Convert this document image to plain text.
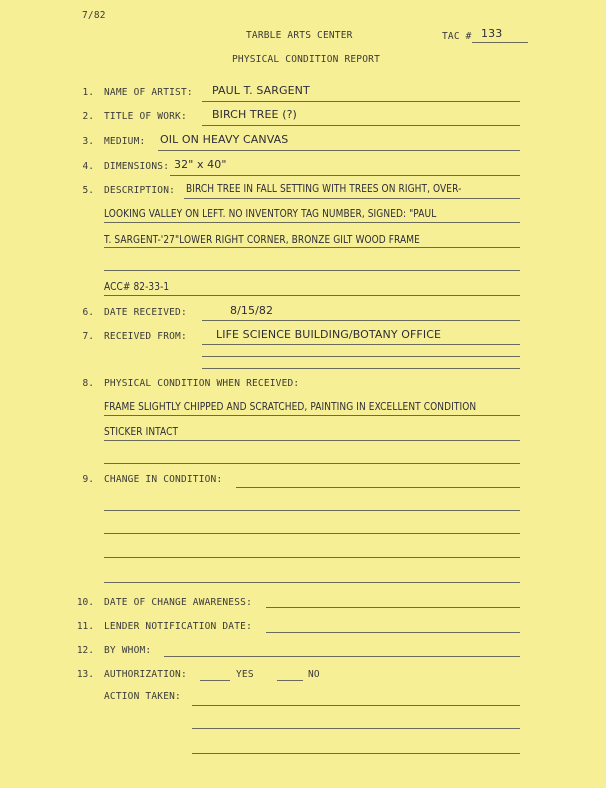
7/82
TARBLE ARTS CENTER	TAC # 133
PHYSICAL CONDITION REPORT
1. NAME OF ARTIST: PAUL T. SARGENT
2. TITLE OF WORK: BIRCH TREE (?)
3. MEDIUM: OIL ON HEAVY CANVAS
4. DIMENSIONS: 32" x 40"
5. DESCRIPTION: BIRCH TREE IN FALL SETTING WITH TREES ON RIGHT, OVER-
LOOKING VALLEY ON LEFT. NO INVENTORY TAG NUMBER, SIGNED: "PAUL
T. SARGENT-'27"LOWER RIGHT CORNER, BRONZE GILT WOOD FRAME
ACC# 82-33-1
6. DATE RECEIVED:	8/15/82
7. RECEIVED FROM:	LIFE SCIENCE BUILDING/BOTANY OFFICE
8. PHYSICAL CONDITION WHEN RECEIVED:
FRAME SLIGHTLY CHIPPED AND SCRATCHED, PAINTING IN EXCELLENT CONDITION
STICKER INTACT
9. CHANGE IN CONDITION:
10. DATE OF CHANGE AWARENESS:
11. LENDER NOTIFICATION DATE:
12. BY WHOM:
13. AUTHORIZATION:	YES	NO
ACTION TAKEN:
